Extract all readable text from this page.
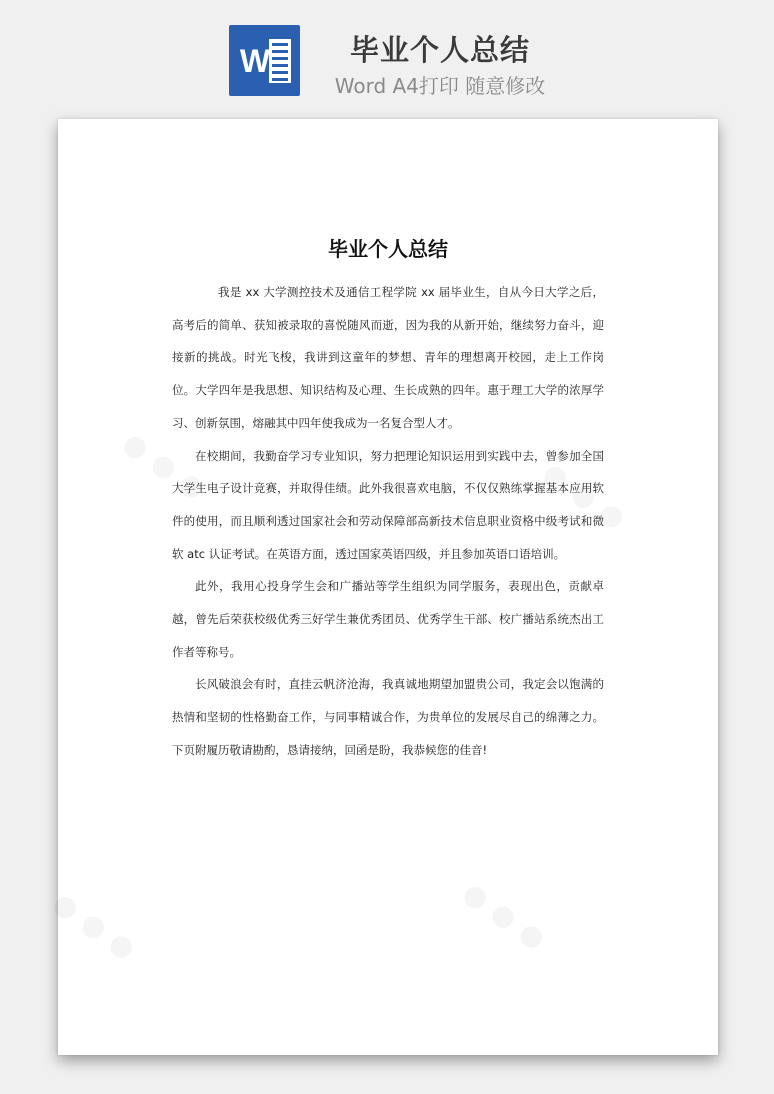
W	毕业个人总结
Word A4打印 随意修改
毕业个人总结

我是 xx 大学测控技术及通信工程学院 xx 届毕业生，自从今日大学之后，高考后的简单、获知被录取的喜悦随风而逝，因为我的从新开始，继续努力奋斗，迎接新的挑战。时光飞梭，我讲到这童年的梦想、青年的理想离开校园，走上工作岗位。大学四年是我思想、知识结构及心理、生长成熟的四年。惠于理工大学的浓厚学习、创新氛围，熔融其中四年使我成为一名复合型人才。

在校期间，我勤奋学习专业知识，努力把理论知识运用到实践中去，曾参加全国大学生电子设计竞赛，并取得佳绩。此外我很喜欢电脑，不仅仅熟练掌握基本应用软件的使用，而且顺利透过国家社会和劳动保障部高新技术信息职业资格中级考试和微软 atc 认证考试。在英语方面，透过国家英语四级，并且参加英语口语培训。

此外，我用心投身学生会和广播站等学生组织为同学服务，表现出色，贡献卓越，曾先后荣获校级优秀三好学生兼优秀团员、优秀学生干部、校广播站系统杰出工作者等称号。

长风破浪会有时，直挂云帆济沧海，我真诚地期望加盟贵公司，我定会以饱满的热情和坚韧的性格勤奋工作，与同事精诚合作，为贵单位的发展尽自己的绵薄之力。下页附履历敬请勘酌，恳请接纳，回函是盼，我恭候您的佳音!
